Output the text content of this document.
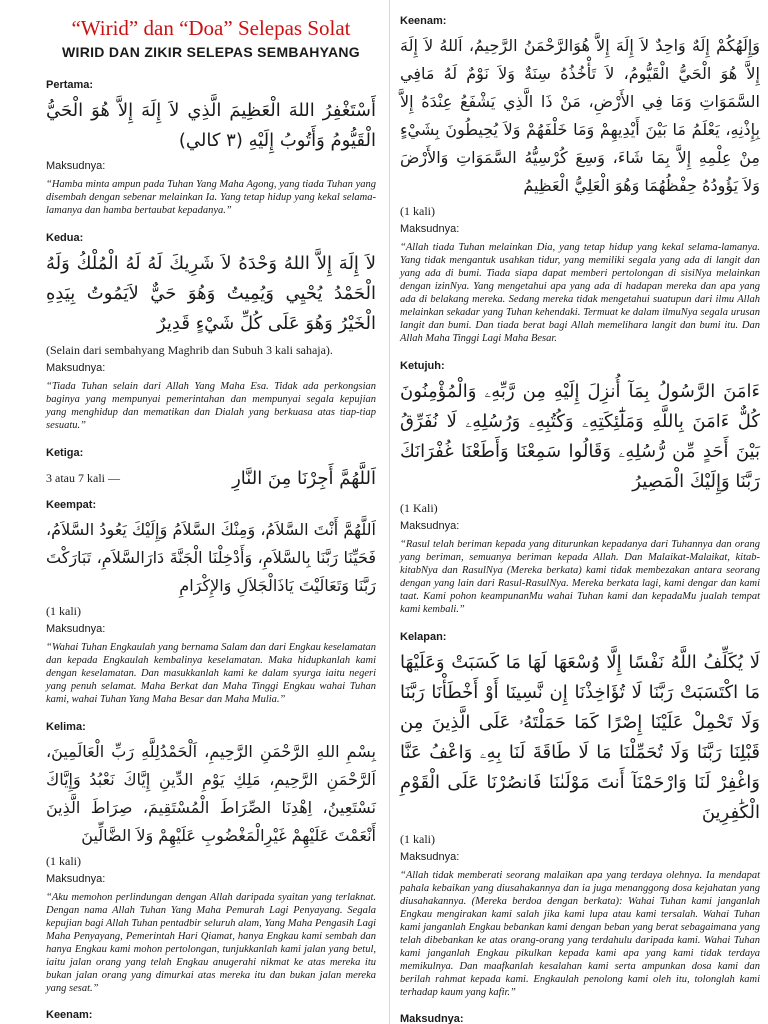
“Wirid” dan “Doa” Selepas Solat
WIRID DAN ZIKIR SELEPAS SEMBAHYANG
Pertama:
أَسْتَغْفِرُ اللهَ الْعَظِيمَ الَّذِي لاَ إِلَهَ إِلاَّ هُوَ الْحَيُّ الْقَيُّومُ وَأَتُوبُ إِلَيْهِ (٣ كالي)
Maksudnya:
“Hamba minta ampun pada Tuhan Yang Maha Agong, yang tiada Tuhan yang disembah dengan sebenar melainkan Ia. Yang tetap hidup yang kekal selama-lamanya dan hamba bertaubat kepadanya.”
Kedua:
لاَ إِلَهَ إِلاَّ اللهُ وَحْدَهُ لاَ شَرِيكَ لَهُ لَهُ الْمُلْكُ وَلَهُ الْحَمْدُ يُحْيِي وَيُمِيتُ وَهُوَ حَيٌّ لاَيَمُوتُ بِيَدِهِ الْخَيْرُ وَهُوَ عَلَى كُلِّ شَيْءٍ قَدِيرٌ
(Selain dari sembahyang Maghrib dan Subuh 3 kali sahaja).
Maksudnya:
“Tiada Tuhan selain dari Allah Yang Maha Esa. Tidak ada perkongsian baginya yang mempunyai pemerintahan dan mempunyai segala kepujian yang menghidup dan mematikan dan Dialah yang berkuasa atas tiap-tiap sesuatu.”
Ketiga:
3 atau 7 kali —	اَللَّهُمَّ أَجِرْنَا مِنَ النَّارِ
Keempat:
اَللَّهُمَّ أَنْتَ السَّلاَمُ، وَمِنْكَ السَّلاَمُ وَإِلَيْكَ يَعُودُ السَّلاَمُ، فَحَيِّنَا رَبَّنَا بِالسَّلاَمِ، وَأَدْخِلْنَا الْجَنَّةَ دَارَالسَّلاَمِ، تَبَارَكْتَ رَبَّنَا وَتَعَالَيْتَ يَاذَالْجَلاَلِ وَالإِكْرَامِ
(1 kali)
Maksudnya:
“Wahai Tuhan Engkaulah yang bernama Salam dan dari Engkau keselamatan dan kepada Engkaulah kembalinya keselamatan. Maka hidupkanlah kami dengan keselamatan. Dan masukkanlah kami ke dalam syurga iaitu negeri yang penuh selamat. Maha Berkat dan Maha Tinggi Engkau wahai Tuhan kami, wahai Tuhan Yang Maha Besar dan Maha Mulia.”
Kelima:
بِسْمِ اللهِ الرَّحْمَنِ الرَّحِيمِ، اَلْحَمْدُلِلَّهِ رَبِّ الْعَالَمِينَ، اَلرَّحْمَنِ الرَّحِيمِ، مَلِكِ يَوْمِ الدِّينِ إِيَّاكَ نَعْبُدُ وَإِيَّاكَ نَسْتَعِينُ، اِهْدِنَا الصِّرَاطَ الْمُسْتَقِيمَ، صِرَاطَ الَّذِينَ أَنْعَمْتَ عَلَيْهِمْ غَيْرِالْمَغْضُوبِ عَلَيْهِمْ وَلاَ الضَّالِّينَ
(1 kali)
Maksudnya:
“Aku memohon perlindungan dengan Allah daripada syaitan yang terlaknat. Dengan nama Allah Tuhan Yang Maha Pemurah Lagi Penyayang. Segala kepujian bagi Allah Tuhan pentadbir seluruh alam, Yang Maha Pengasih Lagi Maha Penyayang, Pemerintah Hari Qiamat, hanya Engkau kami sembah dan hanya Engkau kami mohon pertolongan, tunjukkanlah kami jalan yang betul, iaitu jalan orang yang telah Engkau anugerahi nikmat ke atas mereka itu bukan jalan orang yang dimurkai atas mereka itu dan bukan jalan mereka yang sesat.”
Keenam:
Keenam:
وَإِلَهُكُمْ إِلَهٌ وَاحِدٌ لاَ إِلَهَ إِلاَّ هُوَالرَّحْمَنُ الرَّحِيمُ، اَللهُ لاَ إِلَهَ إِلاَّ هُوَ الْحَيُّ الْقَيُّومُ، لاَ تَأْخُذُهُ سِنَةٌ وَلاَ نَوْمٌ لَهُ مَافِي السَّمَوَاتِ وَمَا فِي الأَرْضِ، مَنْ ذَا الَّذِي يَشْفَعُ عِنْدَهُ إِلاَّ بِإِذْنِهِ، يَعْلَمُ مَا بَيْنَ أَيْدِيهِمْ وَمَا خَلْفَهُمْ وَلاَ يُحِيطُونَ بِشَيْءٍ مِنْ عِلْمِهِ إِلاَّ بِمَا شَاءَ، وَسِعَ كُرْسِيُّهُ السَّمَوَاتِ وَالأَرْضَ وَلاَ يَؤُودُهُ حِفْظُهُمَا وَهُوَ الْعَلِيُّ الْعَظِيمُ
(1 kali)
Maksudnya:
“Allah tiada Tuhan melainkan Dia, yang tetap hidup yang kekal selama-lamanya. Yang tidak mengantuk usahkan tidur, yang memiliki segala yang ada di langit dan yang ada di bumi. Tiada siapa dapat memberi pertolongan di sisiNya melainkan dengan izinNya. Yang mengetahui apa yang ada di hadapan mereka dan apa yang ada di belakang mereka. Sedang mereka tidak mengetahui suatupun dari ilmu Allah melainkan sekadar yang Tuhan kehendaki. Termuat ke dalam ilmuNya segala urusan langit dan bumi. Dan tiada berat bagi Allah memelihara langit dan bumi itu. Dan Allah Maha Tinggi Lagi Maha Besar.
Ketujuh:
ءَامَنَ الرَّسُولُ بِمَآ أُنزِلَ إِلَيْهِ مِن رَّبِّهِۦ وَالْمُؤْمِنُونَ كُلٌّ ءَامَنَ بِاللَّهِ وَمَلَٰٓئِكَتِهِۦ وَكُتُبِهِۦ وَرُسُلِهِۦ لَا نُفَرِّقُ بَيْنَ أَحَدٍ مِّن رُّسُلِهِۦ وَقَالُوا سَمِعْنَا وَأَطَعْنَا غُفْرَانَكَ رَبَّنَا وَإِلَيْكَ الْمَصِيرُ
(1 Kali)
Maksudnya:
“Rasul telah beriman kepada yang diturunkan kepadanya dari Tuhannya dan orang yang beriman, semuanya beriman kepada Allah. Dan Malaikat-Malaikat, kitab-kitabNya dan RasulNya (Mereka berkata) kami tidak membezakan antara seorang dengan yang lain dari Rasul-RasulNya. Mereka berkata lagi, kami dengar dan kami taat. Kami pohon keampunanMu wahai Tuhan kami dan kepadaMu jualah tempat kami kembali.”
Kelapan:
لَا يُكَلِّفُ اللَّهُ نَفْسًا إِلَّا وُسْعَهَا لَهَا مَا كَسَبَتْ وَعَلَيْهَا مَا اكْتَسَبَتْ رَبَّنَا لَا تُؤَاخِذْنَا إِن نَّسِينَا أَوْ أَخْطَأْنَا رَبَّنَا وَلَا تَحْمِلْ عَلَيْنَا إِصْرًا كَمَا حَمَلْتَهُۥ عَلَى الَّذِينَ مِن قَبْلِنَا رَبَّنَا وَلَا تُحَمِّلْنَا مَا لَا طَاقَةَ لَنَا بِهِۦ وَاعْفُ عَنَّا وَاغْفِرْ لَنَا وَارْحَمْنَآ أَنتَ مَوْلَىٰنَا فَانصُرْنَا عَلَى الْقَوْمِ الْكَٰفِرِينَ
(1 kali)
Maksudnya:
“Allah tidak memberati seorang malaikan apa yang terdaya olehnya. Ia mendapat pahala kebaikan yang diusahakannya dan ia juga menanggong dosa kejahatan yang diusahakannya. (Mereka berdoa dengan berkata): Wahai Tuhan kami janganlah Engkau mengirakan kami salah jika kami lupa atau kami tersalah. Wahai Tuhan kami janganlah Engkau bebankan kami dengan beban yang berat sebagaimana yang telah dibebankan ke atas orang-orang yang terdahulu daripada kami. Wahai Tuhan kami janganlah Engkau pikulkan kepada kami apa yang kami tidak terdaya memikulnya. Dan maafkanlah kesalahan kami serta ampunkan dosa kami dan berilah rahmat kepada kami. Engkaulah penolong kami oleh itu, tolonglah kami terhadap kaum yang kafir.”
Maksudnya:
